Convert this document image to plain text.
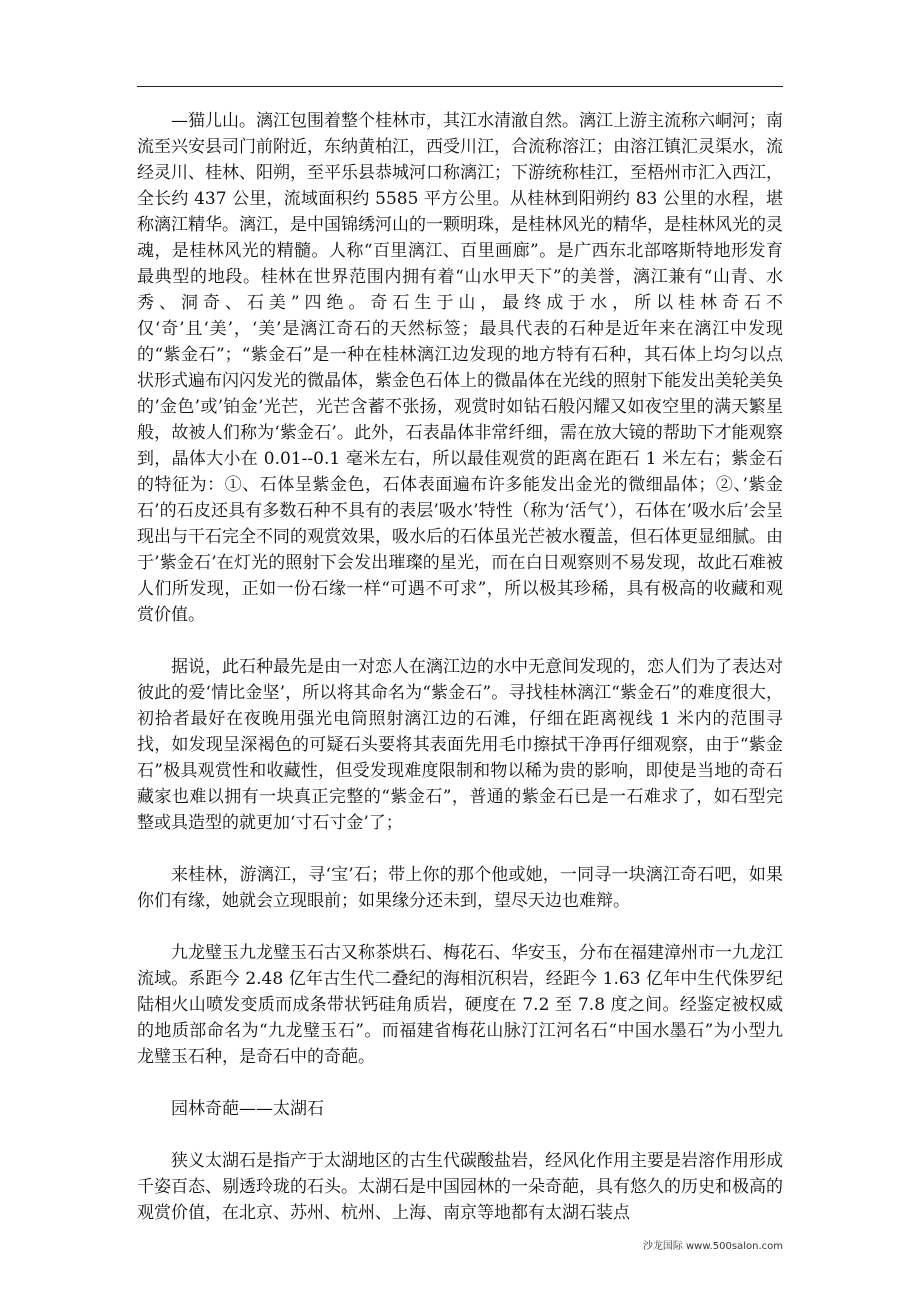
—猫儿山。漓江包围着整个桂林市，其江水清澈自然。漓江上游主流称六峒河；南流至兴安县司门前附近，东纳黄柏江，西受川江，合流称溶江；由溶江镇汇灵渠水，流经灵川、桂林、阳朔，至平乐县恭城河口称漓江；下游统称桂江，至梧州市汇入西江，全长约 437 公里，流域面积约 5585 平方公里。从桂林到阳朔约 83 公里的水程，堪称漓江精华。漓江，是中国锦绣河山的一颗明珠，是桂林风光的精华，是桂林风光的灵魂，是桂林风光的精髓。人称“百里漓江、百里画廊”。是广西东北部喀斯特地形发育最典型的地段。桂林在世界范围内拥有着“山水甲天下”的美誉，漓江兼有“山青、水秀、洞奇、石美”四绝。奇石生于山，最终成于水，所以桂林奇石不仅‘奇’且‘美’，‘美’是漓江奇石的天然标签；最具代表的石种是近年来在漓江中发现的“紫金石”；“紫金石”是一种在桂林漓江边发现的地方特有石种，其石体上均匀以点状形式遍布闪闪发光的微晶体，紫金色石体上的微晶体在光线的照射下能发出美轮美奂的’金色’或’铂金’光芒，光芒含蓄不张扬，观赏时如钻石般闪耀又如夜空里的满天繁星般，故被人们称为‘紫金石’。此外，石表晶体非常纤细，需在放大镜的帮助下才能观察到，晶体大小在 0.01--0.1 毫米左右，所以最佳观赏的距离在距石 1 米左右；紫金石的特征为：①、石体呈紫金色，石体表面遍布许多能发出金光的微细晶体；②、’紫金石’的石皮还具有多数石种不具有的表层’吸水’特性（称为‘活气’），石体在’吸水后’会呈现出与干石完全不同的观赏效果，吸水后的石体虽光芒被水覆盖，但石体更显细腻。由于’紫金石’在灯光的照射下会发出璀璨的星光，而在白日观察则不易发现，故此石难被人们所发现，正如一份石缘一样“可遇不可求”，所以极其珍稀，具有极高的收藏和观赏价值。

据说，此石种最先是由一对恋人在漓江边的水中无意间发现的，恋人们为了表达对彼此的爱‘情比金坚’，所以将其命名为“紫金石”。寻找桂林漓江“紫金石”的难度很大，初拾者最好在夜晚用强光电筒照射漓江边的石滩，仔细在距离视线 1 米内的范围寻找，如发现呈深褐色的可疑石头要将其表面先用毛巾擦拭干净再仔细观察，由于“紫金石”极具观赏性和收藏性，但受发现难度限制和物以稀为贵的影响，即使是当地的奇石藏家也难以拥有一块真正完整的“紫金石”，普通的紫金石已是一石难求了，如石型完整或具造型的就更加‘寸石寸金’了；

来桂林，游漓江，寻‘宝’石；带上你的那个他或她，一同寻一块漓江奇石吧，如果你们有缘，她就会立现眼前；如果缘分还未到，望尽天边也难辩。

九龙璧玉九龙璧玉石古又称茶烘石、梅花石、华安玉，分布在福建漳州市一九龙江流域。系距今 2.48 亿年古生代二叠纪的海相沉积岩，经距今 1.63 亿年中生代侏罗纪陆相火山喷发变质而成条带状钙硅角质岩，硬度在 7.2 至 7.8 度之间。经鉴定被权威的地质部命名为“九龙璧玉石”。而福建省梅花山脉汀江河名石“中国水墨石”为小型九龙璧玉石种，是奇石中的奇葩。

园林奇葩——太湖石

狭义太湖石是指产于太湖地区的古生代碳酸盐岩，经风化作用主要是岩溶作用形成千姿百态、剔透玲珑的石头。太湖石是中国园林的一朵奇葩，具有悠久的历史和极高的观赏价值，在北京、苏州、杭州、上海、南京等地都有太湖石装点

沙龙国际 www.500salon.com
